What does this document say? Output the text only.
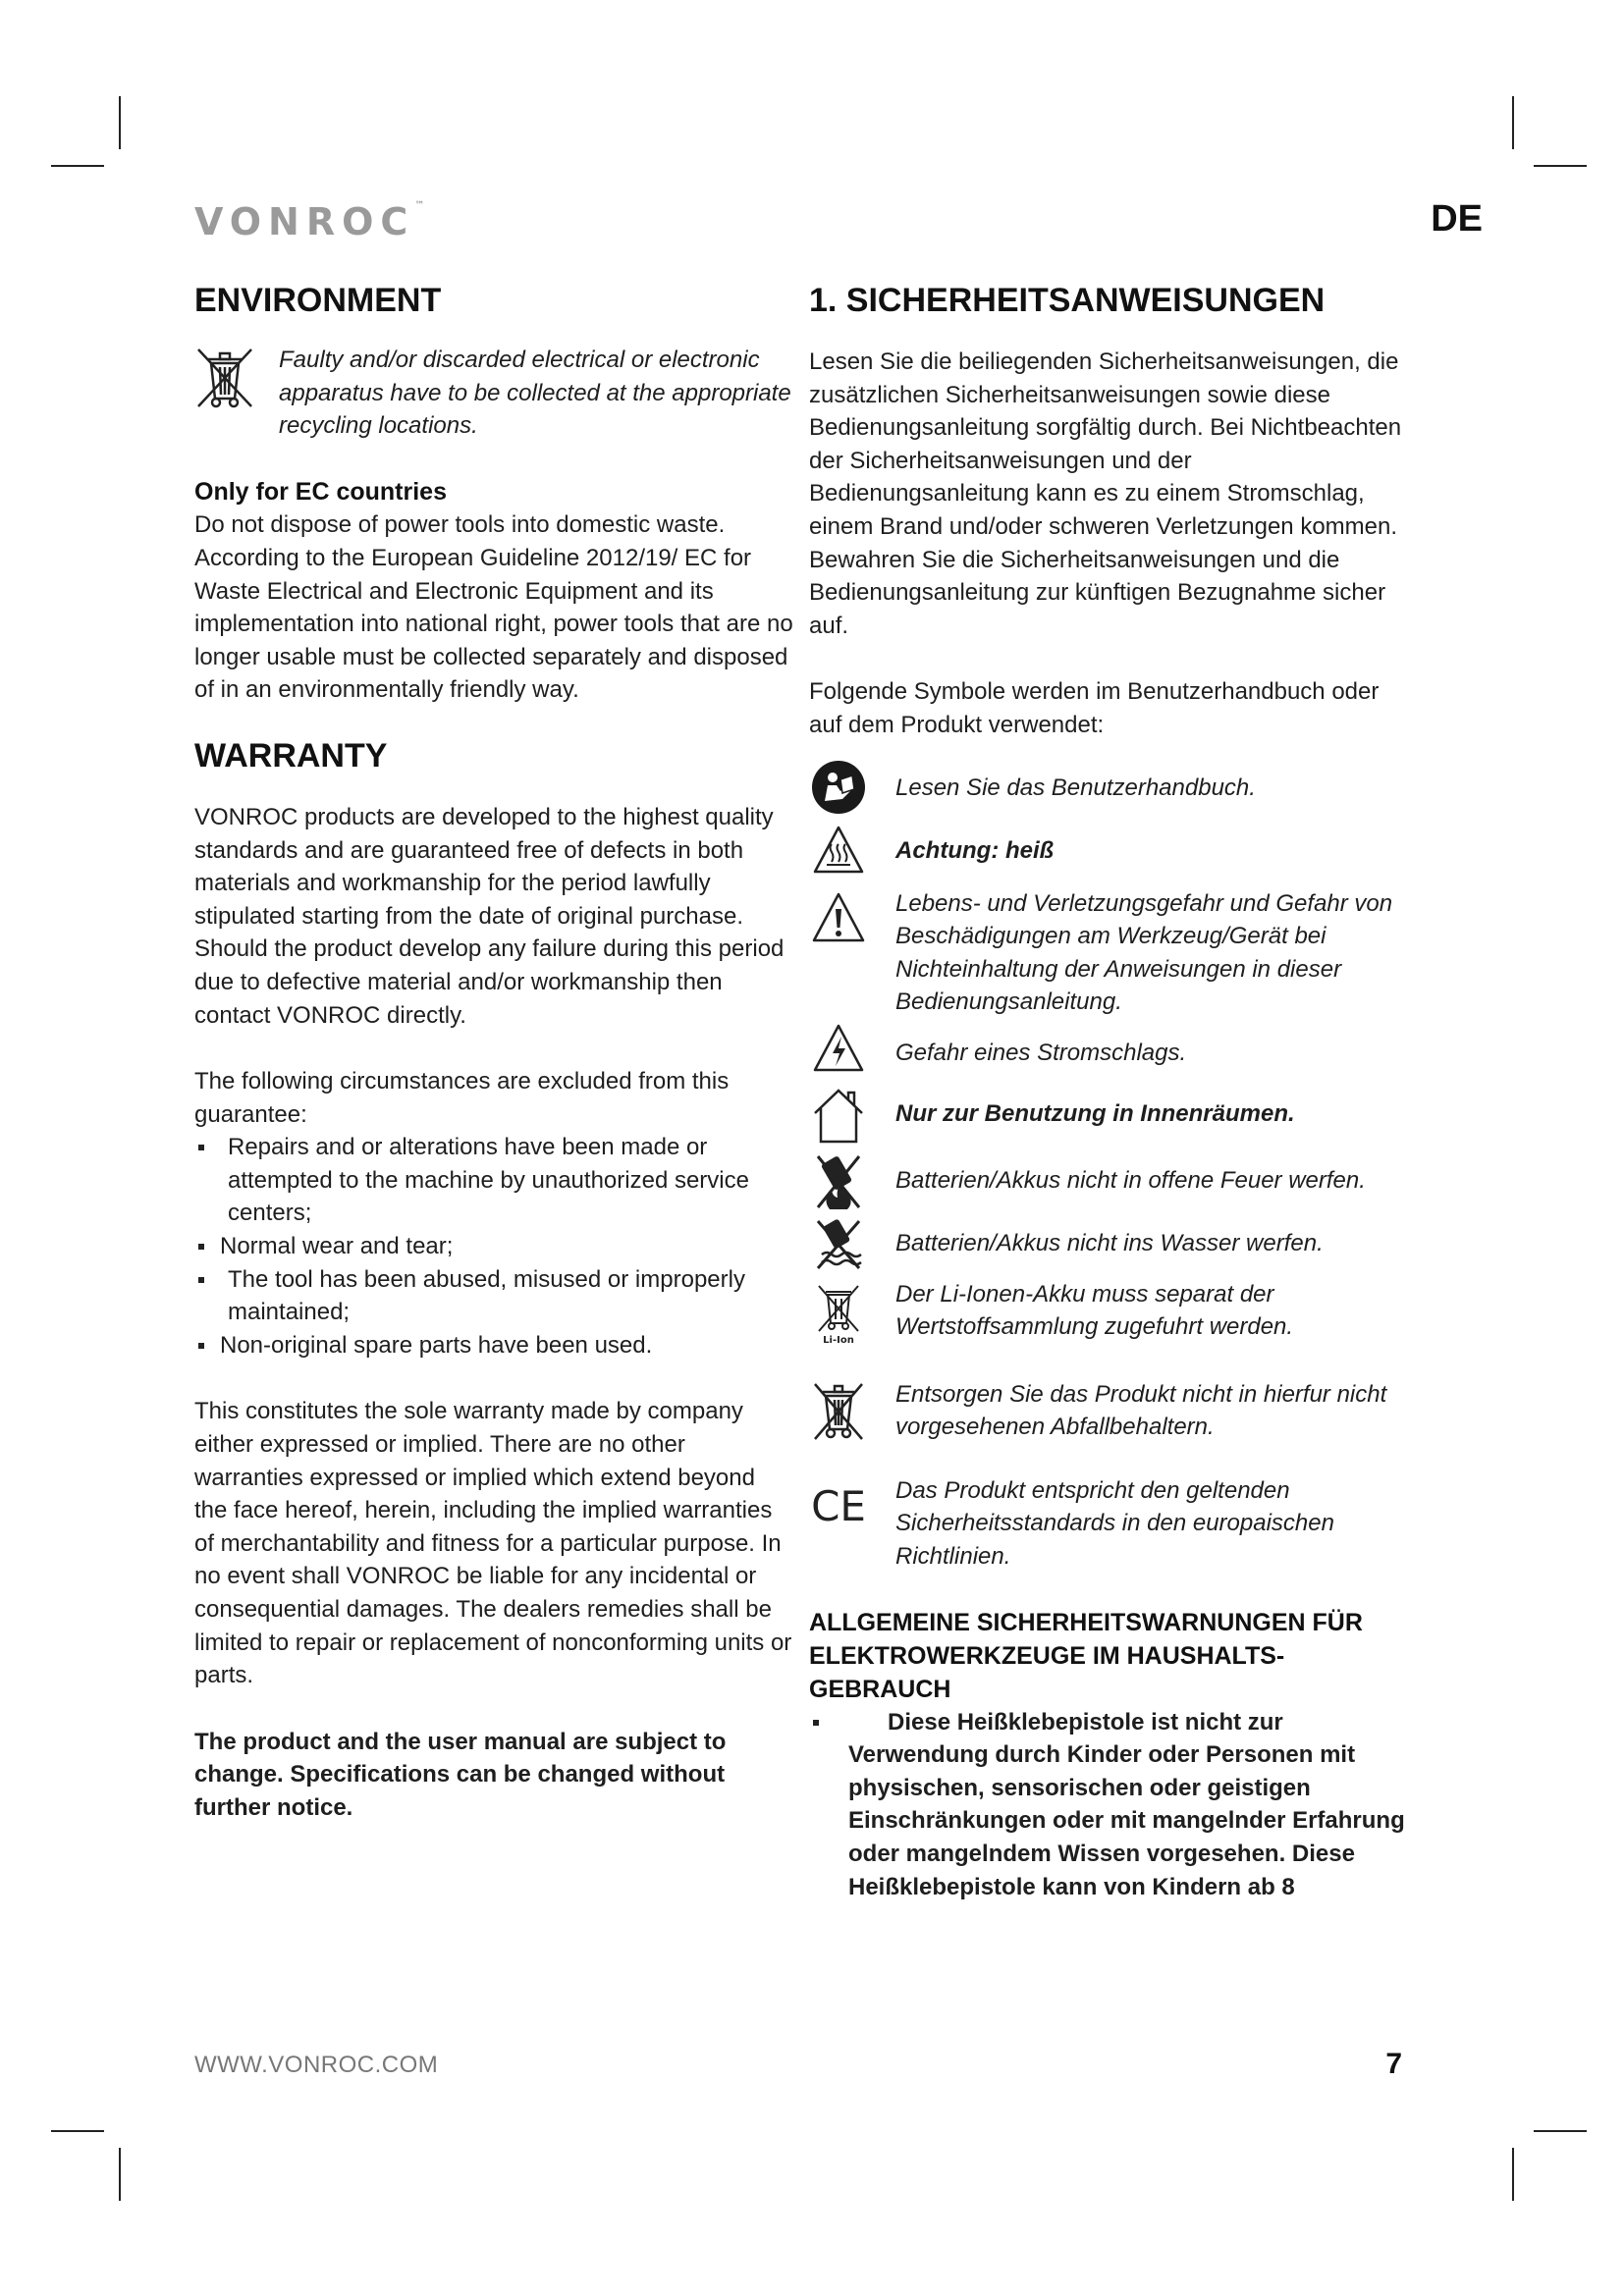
VONROC™	DE
ENVIRONMENT
Faulty and/or discarded electrical or electronic apparatus have to be collected at the appropriate recycling locations.
Only for EC countries

Do not dispose of power tools into domestic waste. According to the European Guideline 2012/19/ EC for Waste Electrical and Electronic Equipment and its implementation into national right, power tools that are no longer usable must be collected separately and disposed of in an environmentally friendly way.

WARRANTY

VONROC products are developed to the highest quality standards and are guaranteed free of defects in both materials and workmanship for the period lawfully stipulated starting from the date of original purchase. Should the product develop any failure during this period due to defective material and/or workmanship then contact VONROC directly.

The following circumstances are excluded from this guarantee:

Repairs and or alterations have been made or attempted to the machine by unauthorized service centers;
Normal wear and tear;
The tool has been abused, misused or improperly maintained;
Non-original spare parts have been used.

This constitutes the sole warranty made by company either expressed or implied. There are no other warranties expressed or implied which extend beyond the face hereof, herein, including the implied warranties of merchantability and fitness for a particular purpose. In no event shall VONROC be liable for any incidental or consequential damages. The dealers remedies shall be limited to repair or replacement of nonconforming units or parts.

The product and the user manual are subject to change. Specifications can be changed without further notice.

1. SICHERHEITSANWEISUNGEN

Lesen Sie die beiliegenden Sicherheitsanweisungen, die zusätzlichen Sicherheitsanweisungen sowie diese Bedienungsanleitung sorgfältig durch. Bei Nichtbeachten der Sicherheitsanweisungen und der Bedienungsanleitung kann es zu einem Stromschlag, einem Brand und/oder schweren Verletzungen kommen. Bewahren Sie die Sicherheitsanweisungen und die Bedienungsanleitung zur künftigen Bezugnahme sicher auf.

Folgende Symbole werden im Benutzerhandbuch oder auf dem Produkt verwendet:

Lesen Sie das Benutzerhandbuch.
Achtung: heiß
Lebens- und Verletzungsgefahr und Gefahr von Beschädigungen am Werkzeug/Gerät bei Nichteinhaltung der Anweisungen in dieser Bedienungsanleitung.
Gefahr eines Stromschlags.
Nur zur Benutzung in Innenräumen.
Batterien/Akkus nicht in offene Feuer werfen.
Batterien/Akkus nicht ins Wasser werfen.
Li-Ion
Der Li-Ionen-Akku muss separat der Wertstoffsammlung zugefuhrt werden.
Entsorgen Sie das Produkt nicht in hierfur nicht vorgesehenen Abfallbehaltern.
CE Das Produkt entspricht den geltenden Sicherheitsstandards in den europaischen Richtlinien.
ALLGEMEINE SICHERHEITSWARNUNGEN FÜR ELEKTROWERKZEUGE IM HAUSHALTS-GEBRAUCH
Diese Heißklebepistole ist nicht zur Verwendung durch Kinder oder Personen mit physischen, sensorischen oder geistigen Einschränkungen oder mit mangelnder Erfahrung oder mangelndem Wissen vorgesehen. Diese Heißklebepistole kann von Kindern ab 8
WWW.VONROC.COM	7
